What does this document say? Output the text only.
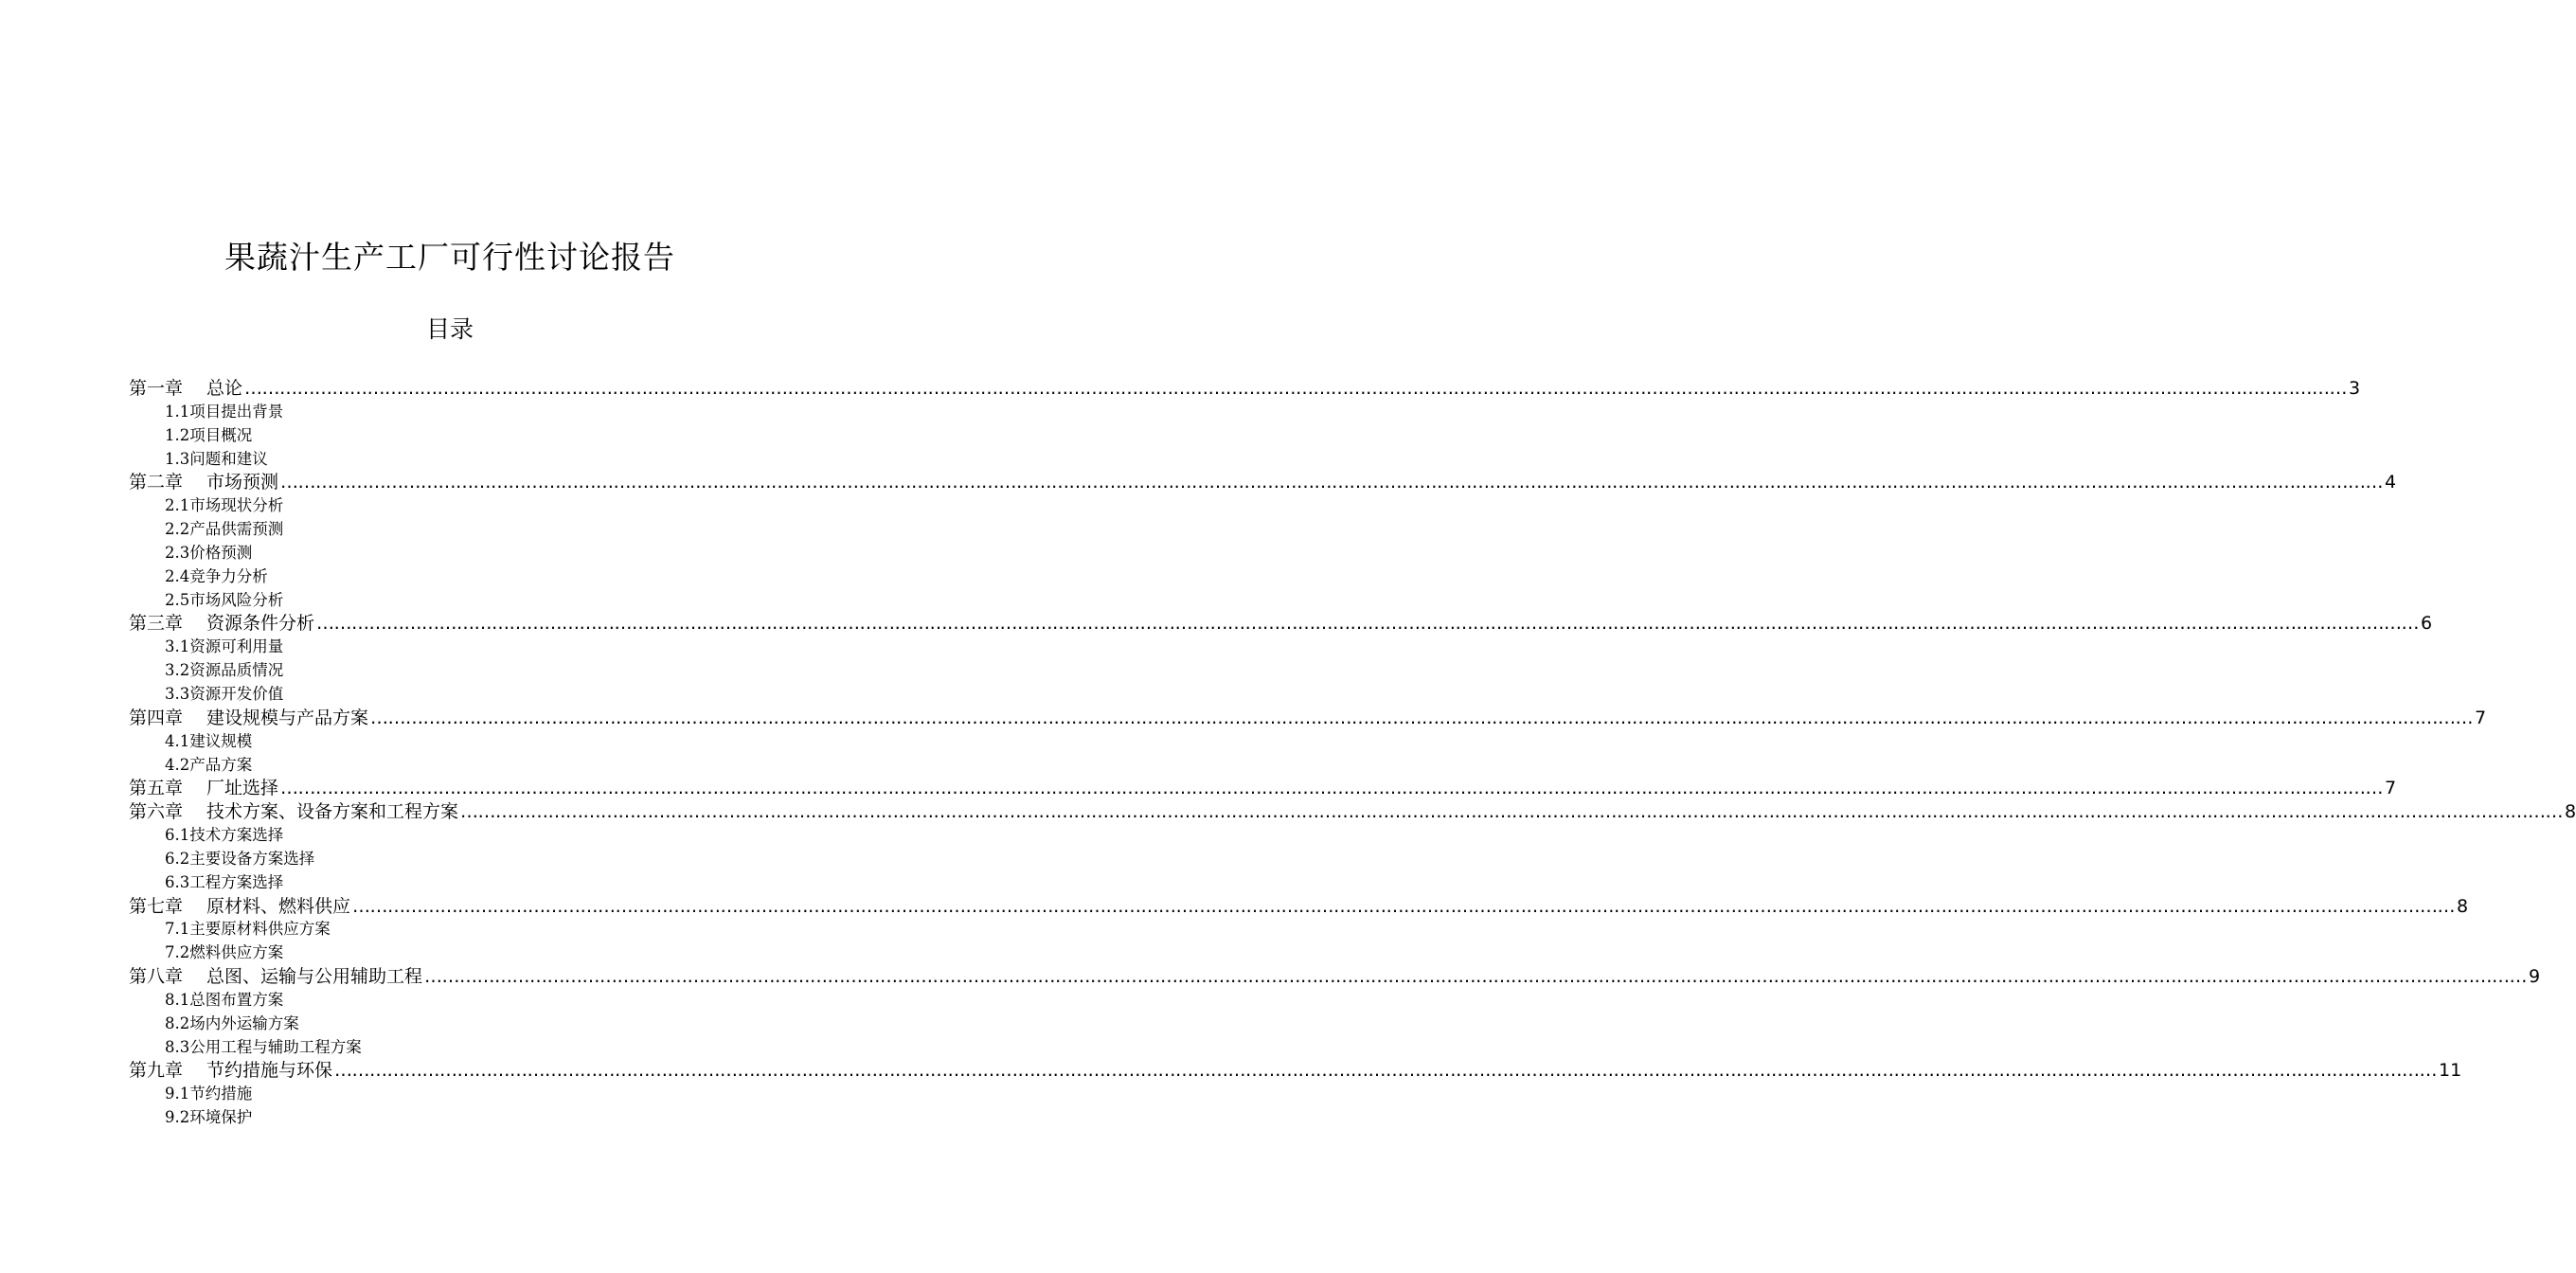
果蔬汁生产工厂可行性讨论报告
目录
第一章 总论 ……………………………………………………………………………………………………………………………………………………………………………………………………………………………………………………………………………………………………………………………… 3
1.1项目提出背景
1.2项目概况
1.3问题和建议
第二章 市场预测 ……………………………………………………………………………………………………………………………………………………………………………………………………………………………………………………………………………………………………………………………… 4
2.1市场现状分析
2.2产品供需预测
2.3价格预测
2.4竞争力分析
2.5市场风险分析
第三章 资源条件分析 ……………………………………………………………………………………………………………………………………………………………………………………………………………………………………………………………………………………………………………………………… 6
3.1资源可利用量
3.2资源品质情况
3.3资源开发价值
第四章 建设规模与产品方案 ……………………………………………………………………………………………………………………………………………………………………………………………………………………………………………………………………………………………………………………………… 7
4.1建议规模
4.2产品方案
第五章 厂址选择 ……………………………………………………………………………………………………………………………………………………………………………………………………………………………………………………………………………………………………………………………… 7
第六章 技术方案、设备方案和工程方案 ……………………………………………………………………………………………………………………………………………………………………………………………………………………………………………………………………………………………………………………………… 8
6.1技术方案选择
6.2主要设备方案选择
6.3工程方案选择
第七章 原材料、燃料供应 ……………………………………………………………………………………………………………………………………………………………………………………………………………………………………………………………………………………………………………………………… 8
7.1主要原材料供应方案
7.2燃料供应方案
第八章 总图、运输与公用辅助工程 ……………………………………………………………………………………………………………………………………………………………………………………………………………………………………………………………………………………………………………………………… 9
8.1总图布置方案
8.2场内外运输方案
8.3公用工程与辅助工程方案
第九章 节约措施与环保 ……………………………………………………………………………………………………………………………………………………………………………………………………………………………………………………………………………………………………………………………… 11
9.1节约措施
9.2环境保护
